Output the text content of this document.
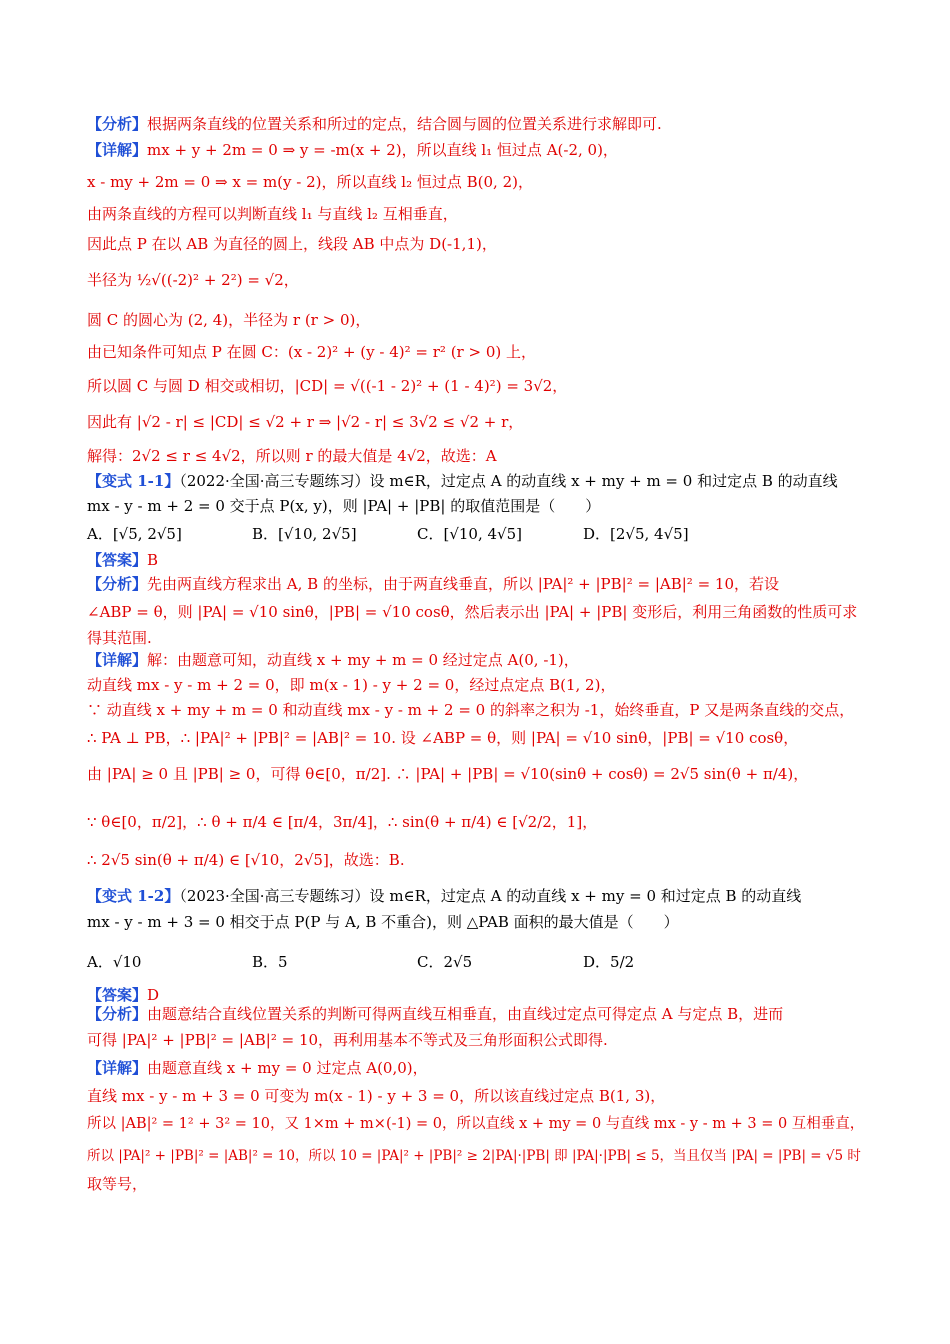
【分析】根据两条直线的位置关系和所过的定点，结合圆与圆的位置关系进行求解即可.
【详解】mx + y + 2m = 0 ⇒ y = -m(x + 2)，所以直线 l₁ 恒过点 A(-2, 0)，
x - my + 2m = 0 ⇒ x = m(y - 2)，所以直线 l₂ 恒过点 B(0, 2)，
由两条直线的方程可以判断直线 l₁ 与直线 l₂ 互相垂直，
因此点 P 在以 AB 为直径的圆上，线段 AB 中点为 D(-1,1)，
半径为 ½√((-2)² + 2²) = √2，
圆 C 的圆心为 (2, 4)，半径为 r (r > 0)，
由已知条件可知点 P 在圆 C：(x - 2)² + (y - 4)² = r² (r > 0) 上，
所以圆 C 与圆 D 相交或相切，|CD| = √((-1 - 2)² + (1 - 4)²) = 3√2，
因此有 |√2 - r| ≤ |CD| ≤ √2 + r ⇒ |√2 - r| ≤ 3√2 ≤ √2 + r，
解得：2√2 ≤ r ≤ 4√2，所以则 r 的最大值是 4√2，故选：A
【变式 1-1】（2022·全国·高三专题练习）设 m∈R，过定点 A 的动直线 x + my + m = 0 和过定点 B 的动直线
mx - y - m + 2 = 0 交于点 P(x, y)，则 |PA| + |PB| 的取值范围是（　　）
A．[√5, 2√5]	B．[√10, 2√5]	C．[√10, 4√5]	D．[2√5, 4√5]
【答案】B
【分析】先由两直线方程求出 A, B 的坐标，由于两直线垂直，所以 |PA|² + |PB|² = |AB|² = 10，若设
∠ABP = θ，则 |PA| = √10 sinθ，|PB| = √10 cosθ，然后表示出 |PA| + |PB| 变形后，利用三角函数的性质可求
得其范围.
【详解】解：由题意可知，动直线 x + my + m = 0 经过定点 A(0, -1)，
动直线 mx - y - m + 2 = 0，即 m(x - 1) - y + 2 = 0，经过点定点 B(1, 2)，
∵ 动直线 x + my + m = 0 和动直线 mx - y - m + 2 = 0 的斜率之积为 -1，始终垂直，P 又是两条直线的交点，
∴ PA ⊥ PB，∴ |PA|² + |PB|² = |AB|² = 10. 设 ∠ABP = θ，则 |PA| = √10 sinθ，|PB| = √10 cosθ，
由 |PA| ≥ 0 且 |PB| ≥ 0，可得 θ∈[0，π/2]. ∴ |PA| + |PB| = √10(sinθ + cosθ) = 2√5 sin(θ + π/4)，
∵ θ∈[0，π/2]，∴ θ + π/4 ∈ [π/4，3π/4]，∴ sin(θ + π/4) ∈ [√2/2，1]，
∴ 2√5 sin(θ + π/4) ∈ [√10，2√5]，故选：B.
【变式 1-2】（2023·全国·高三专题练习）设 m∈R，过定点 A 的动直线 x + my = 0 和过定点 B 的动直线
mx - y - m + 3 = 0 相交于点 P(P 与 A, B 不重合)，则 △PAB 面积的最大值是（　　）
A．√10	B．5	C．2√5	D．5/2
【答案】D
【分析】由题意结合直线位置关系的判断可得两直线互相垂直，由直线过定点可得定点 A 与定点 B，进而
可得 |PA|² + |PB|² = |AB|² = 10，再利用基本不等式及三角形面积公式即得.
【详解】由题意直线 x + my = 0 过定点 A(0,0)，
直线 mx - y - m + 3 = 0 可变为 m(x - 1) - y + 3 = 0，所以该直线过定点 B(1, 3)，
所以 |AB|² = 1² + 3² = 10，又 1×m + m×(-1) = 0，所以直线 x + my = 0 与直线 mx - y - m + 3 = 0 互相垂直，
所以 |PA|² + |PB|² = |AB|² = 10，所以 10 = |PA|² + |PB|² ≥ 2|PA|·|PB| 即 |PA|·|PB| ≤ 5，当且仅当 |PA| = |PB| = √5 时
取等号，
